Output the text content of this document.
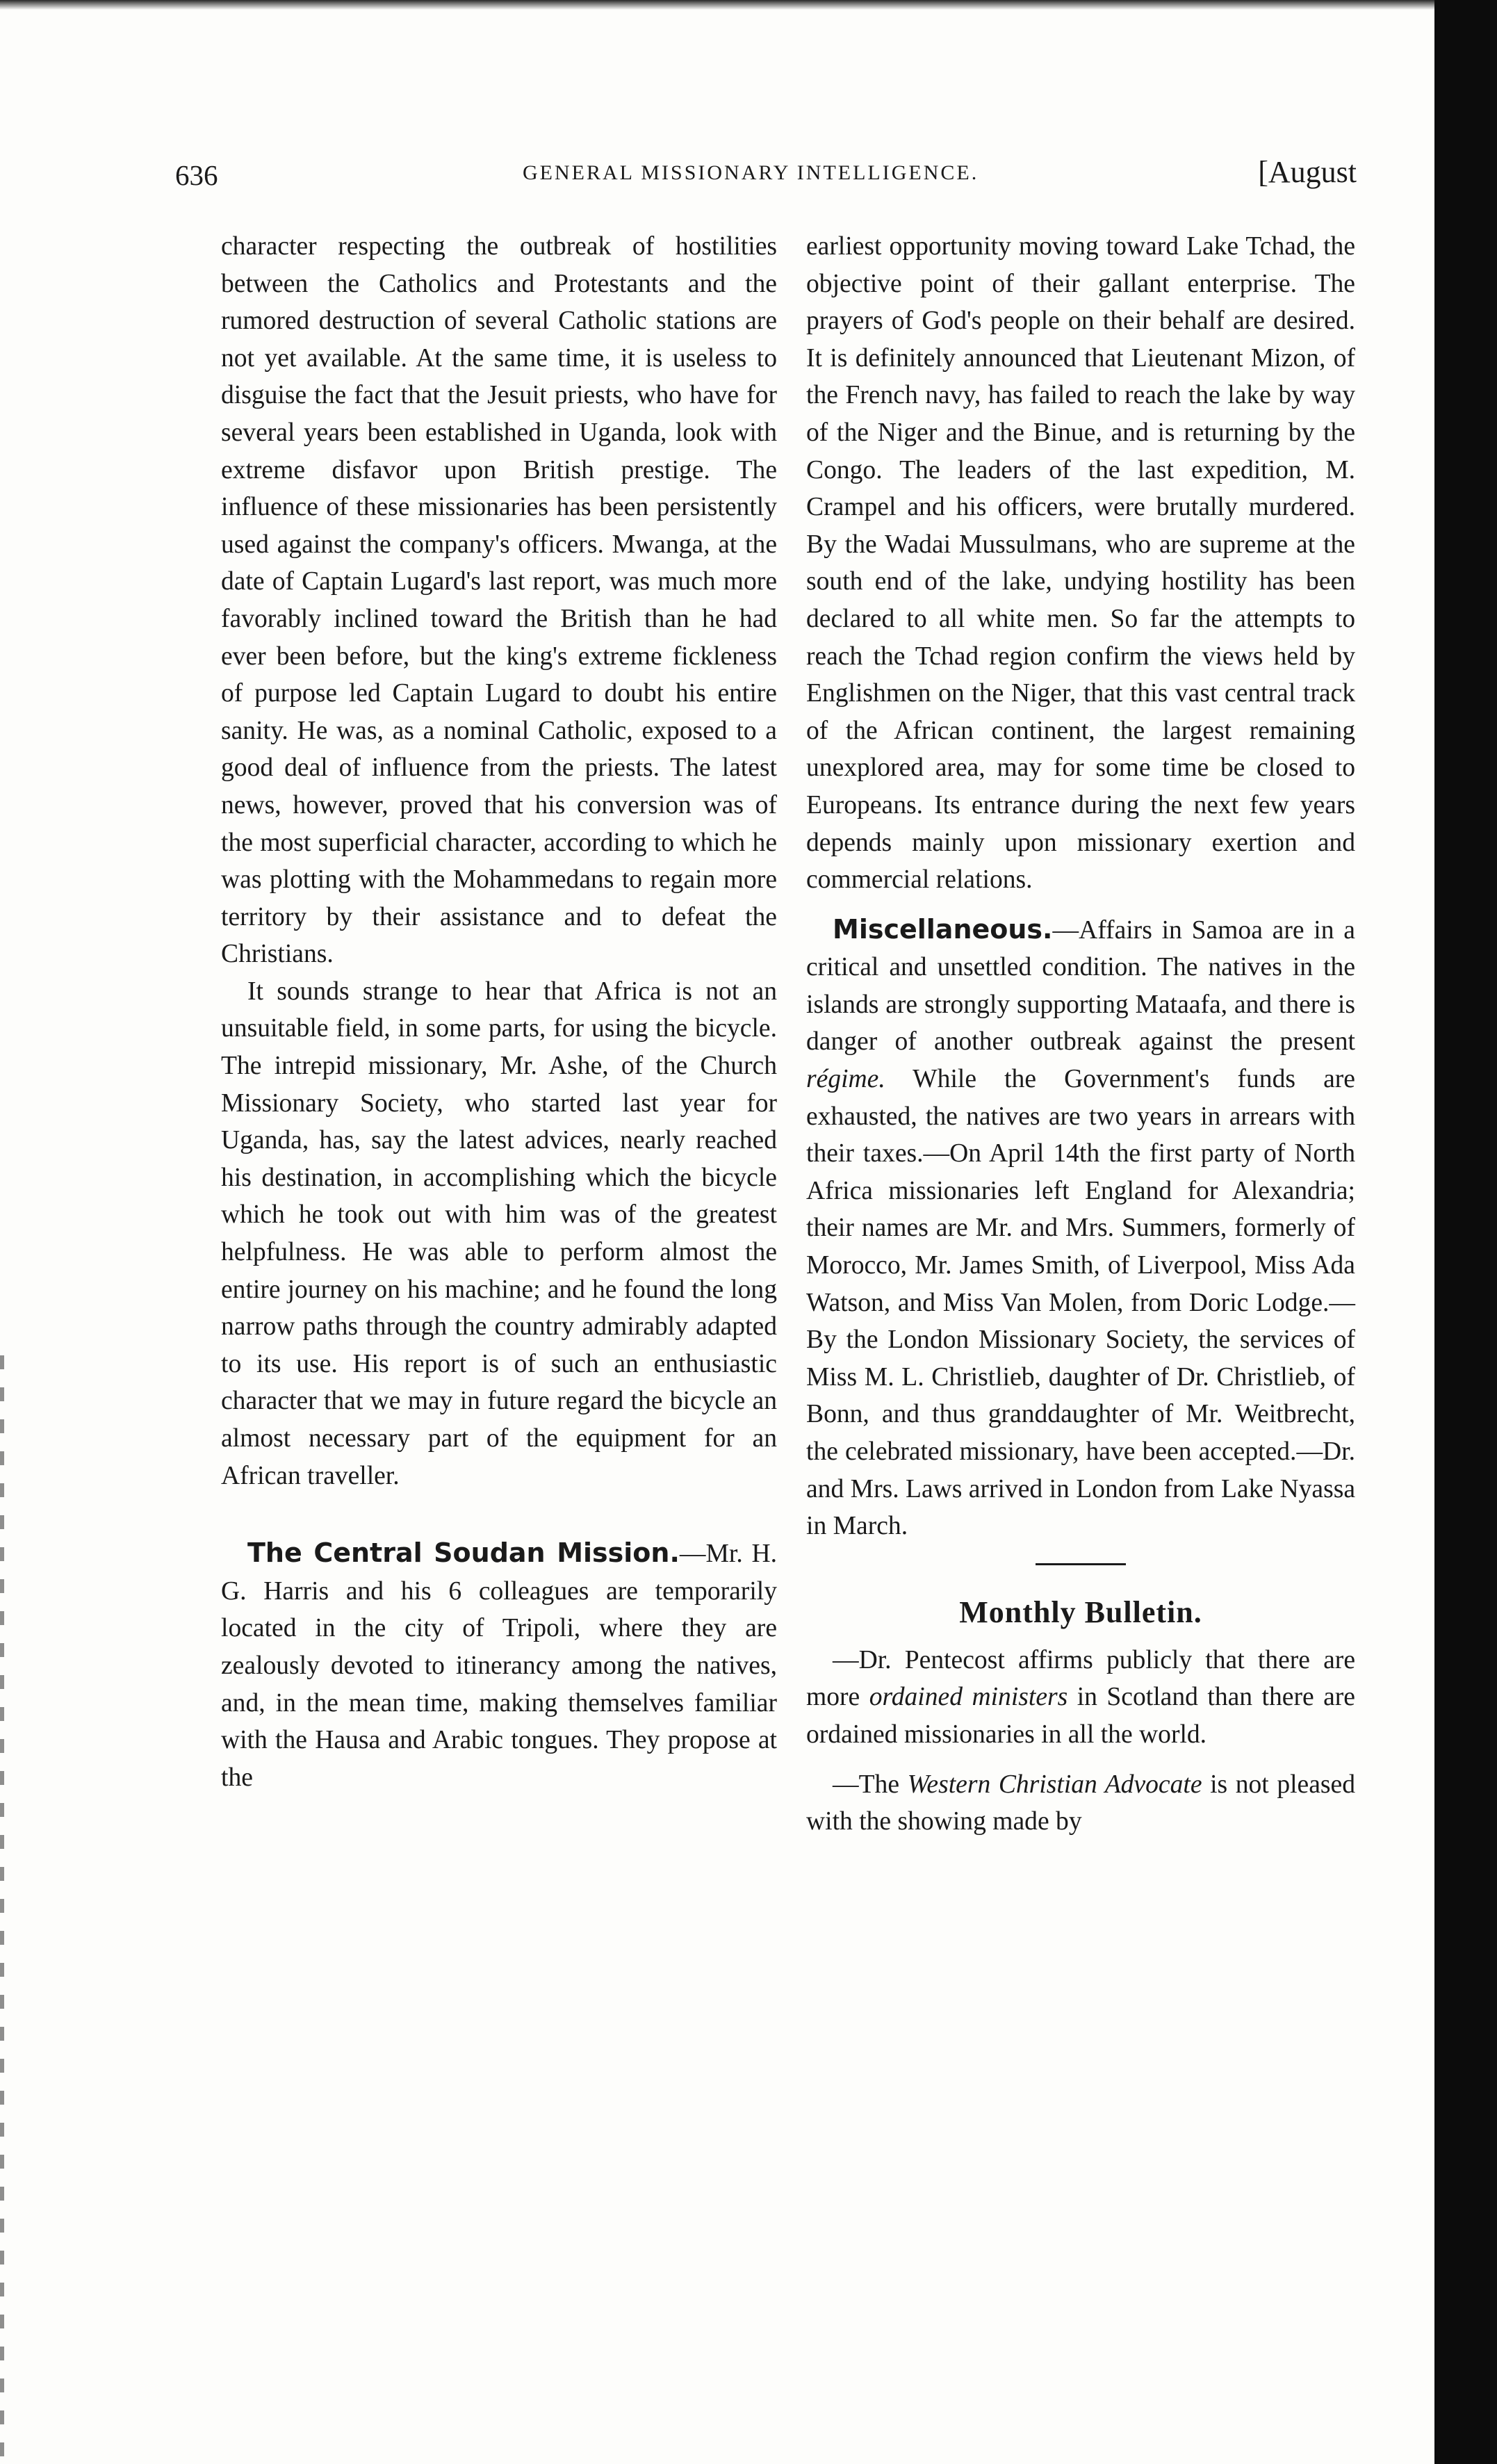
636	GENERAL MISSIONARY INTELLIGENCE.	[August

character respecting the outbreak of hostilities between the Catholics and Protestants and the rumored destruction of several Catholic stations are not yet available. At the same time, it is useless to disguise the fact that the Jesuit priests, who have for several years been established in Uganda, look with extreme disfavor upon British prestige. The influence of these missionaries has been persistently used against the company's officers. Mwanga, at the date of Captain Lugard's last report, was much more favorably inclined toward the British than he had ever been before, but the king's extreme fickleness of purpose led Captain Lugard to doubt his entire sanity. He was, as a nominal Catholic, exposed to a good deal of influence from the priests. The latest news, however, proved that his conversion was of the most superficial character, according to which he was plotting with the Mohammedans to regain more territory by their assistance and to defeat the Christians.

It sounds strange to hear that Africa is not an unsuitable field, in some parts, for using the bicycle. The intrepid missionary, Mr. Ashe, of the Church Missionary Society, who started last year for Uganda, has, say the latest advices, nearly reached his destination, in accomplishing which the bicycle which he took out with him was of the greatest helpfulness. He was able to perform almost the entire journey on his machine; and he found the long narrow paths through the country admirably adapted to its use. His report is of such an enthusiastic character that we may in future regard the bicycle an almost necessary part of the equipment for an African traveller.

The Central Soudan Mission.—Mr. H. G. Harris and his 6 colleagues are temporarily located in the city of Tripoli, where they are zealously devoted to itinerancy among the natives, and, in the mean time, making themselves familiar with the Hausa and Arabic tongues. They propose at the

earliest opportunity moving toward Lake Tchad, the objective point of their gallant enterprise. The prayers of God's people on their behalf are desired. It is definitely announced that Lieutenant Mizon, of the French navy, has failed to reach the lake by way of the Niger and the Binue, and is returning by the Congo. The leaders of the last expedition, M. Crampel and his officers, were brutally murdered. By the Wadai Mussulmans, who are supreme at the south end of the lake, undying hostility has been declared to all white men. So far the attempts to reach the Tchad region confirm the views held by Englishmen on the Niger, that this vast central track of the African continent, the largest remaining unexplored area, may for some time be closed to Europeans. Its entrance during the next few years depends mainly upon missionary exertion and commercial relations.

Miscellaneous.—Affairs in Samoa are in a critical and unsettled condition. The natives in the islands are strongly supporting Mataafa, and there is danger of another outbreak against the present régime. While the Government's funds are exhausted, the natives are two years in arrears with their taxes.—On April 14th the first party of North Africa missionaries left England for Alexandria; their names are Mr. and Mrs. Summers, formerly of Morocco, Mr. James Smith, of Liverpool, Miss Ada Watson, and Miss Van Molen, from Doric Lodge.—By the London Missionary Society, the services of Miss M. L. Christlieb, daughter of Dr. Christlieb, of Bonn, and thus granddaughter of Mr. Weitbrecht, the celebrated missionary, have been accepted.—Dr. and Mrs. Laws arrived in London from Lake Nyassa in March.

Monthly Bulletin.

—Dr. Pentecost affirms publicly that there are more ordained ministers in Scotland than there are ordained missionaries in all the world.

—The Western Christian Advocate is not pleased with the showing made by
